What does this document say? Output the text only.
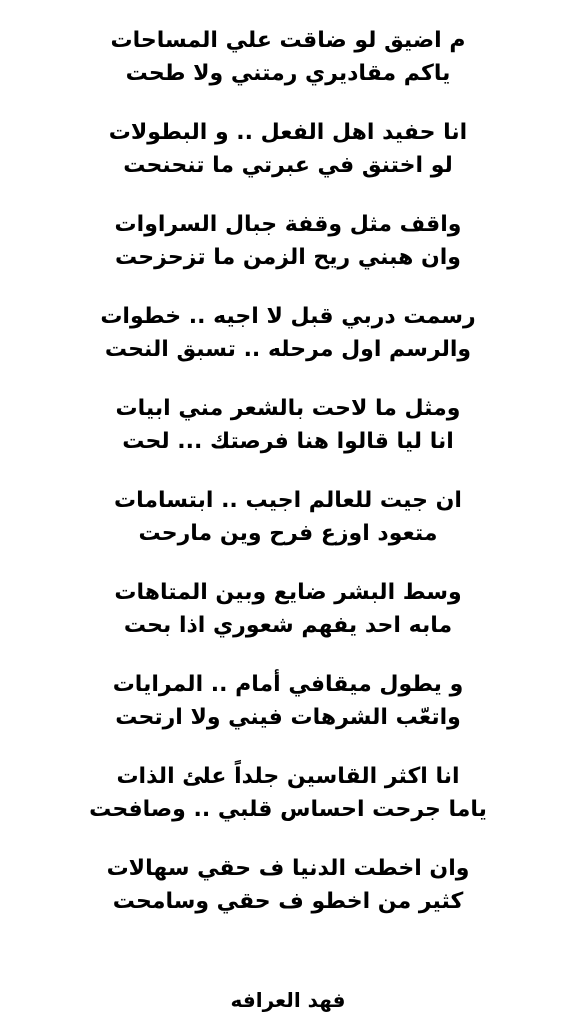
م اضيق لو ضاقت علي المساحات
ياكم مقاديري رمتني ولا طحت
انا حفيد اهل الفعل .. و البطولات
لو اختنق في عبرتي ما تنحنحت
واقف مثل وقفة جبال السراوات
وان هبني ريح الزمن ما تزحزحت
رسمت دربي قبل لا اجيه .. خطوات
والرسم اول مرحله .. تسبق النحت
ومثل ما لاحت بالشعر مني ابيات
انا ليا قالوا هنا فرصتك ... لحت
ان جيت للعالم اجيب .. ابتسامات
متعود اوزع فرح وين مارحت
وسط البشر ضايع وبين المتاهات
مابه احد يفهم شعوري اذا بحت
و يطول ميقافي أمام .. المرايات
واتعّب الشرهات فيني ولا ارتحت
انا اكثر القاسين جلداً علئ الذات
ياما جرحت احساس قلبي .. وصافحت
وان اخطت الدنيا ف حقي سهالات
كثير من اخطو ف حقي وسامحت
فهد العرافه
